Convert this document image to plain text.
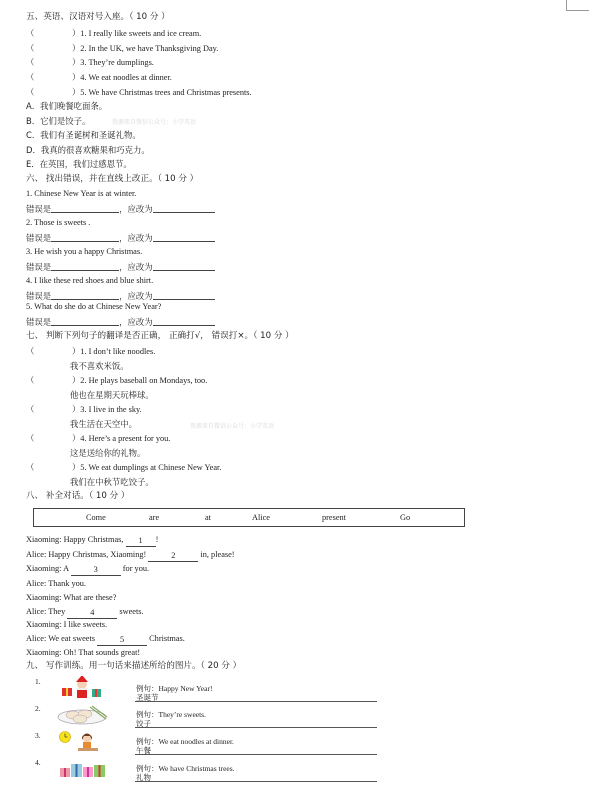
五、英语、汉语对号入座。（ 10 分 ）
（	）1. I really like sweets and ice cream.
（	）2. In the UK, we have Thanksgiving Day.
（	）3. They’re dumplings.
（	）4. We eat noodles at dinner.
（	）5. We have Christmas trees and Christmas presents.
A．我们晚餐吃面条。
B．它们是饺子。	资源来自微信公众号：小学英语
C．我们有圣诞树和圣诞礼物。
D．我真的很喜欢糖果和巧克力。
E．在英国，我们过感恩节。
六、 找出错误，并在直线上改正。（ 10 分 ）
1. Chinese New Year is at winter.
错误是	，应改为
2. Those is sweets .
错误是	，应改为
3. He wish you a happy Christmas.
错误是	，应改为
4. I like these red shoes and blue shirt.
错误是	，应改为
5. What do she do at Chinese New Year?
错误是	，应改为
七、 判断下列句子的翻译是否正确， 正确打√， 错误打×。（ 10 分 ）
（	）1. I don’t like noodles.
我不喜欢米饭。
（	）2. He plays baseball on Mondays, too.
他也在星期天玩棒球。
（	）3. I live in the sky.
我生活在天空中。	资源来自微信公众号：小学英语
（	）4. Here’s a present for you.
这是送给你的礼物。
（	）5. We eat dumplings at Chinese New Year.
我们在中秋节吃饺子。
八、 补全对话。（ 10 分 ）
Come	are	at	Alice	present	Go
Xiaoming: Happy Christmas, 1 !
Alice: Happy Christmas, Xiaoming!	2	in, please!
Xiaoming: A	3	for you.
Alice: Thank you.
Xiaoming: What are these?
Alice: They	4	sweets.
Xiaoming: I like sweets.
Alice: We eat sweets	5	Christmas.
Xiaoming: Oh! That sounds great!
九、 写作训练。用一句话来描述所给的图片。（ 20 分 ）
1.
例句：Happy New Year!
圣诞节
2.
例句：They’re sweets.
饺子
3.
例句：We eat noodles at dinner.
午餐
4.
例句：We have Christmas trees.
礼物
